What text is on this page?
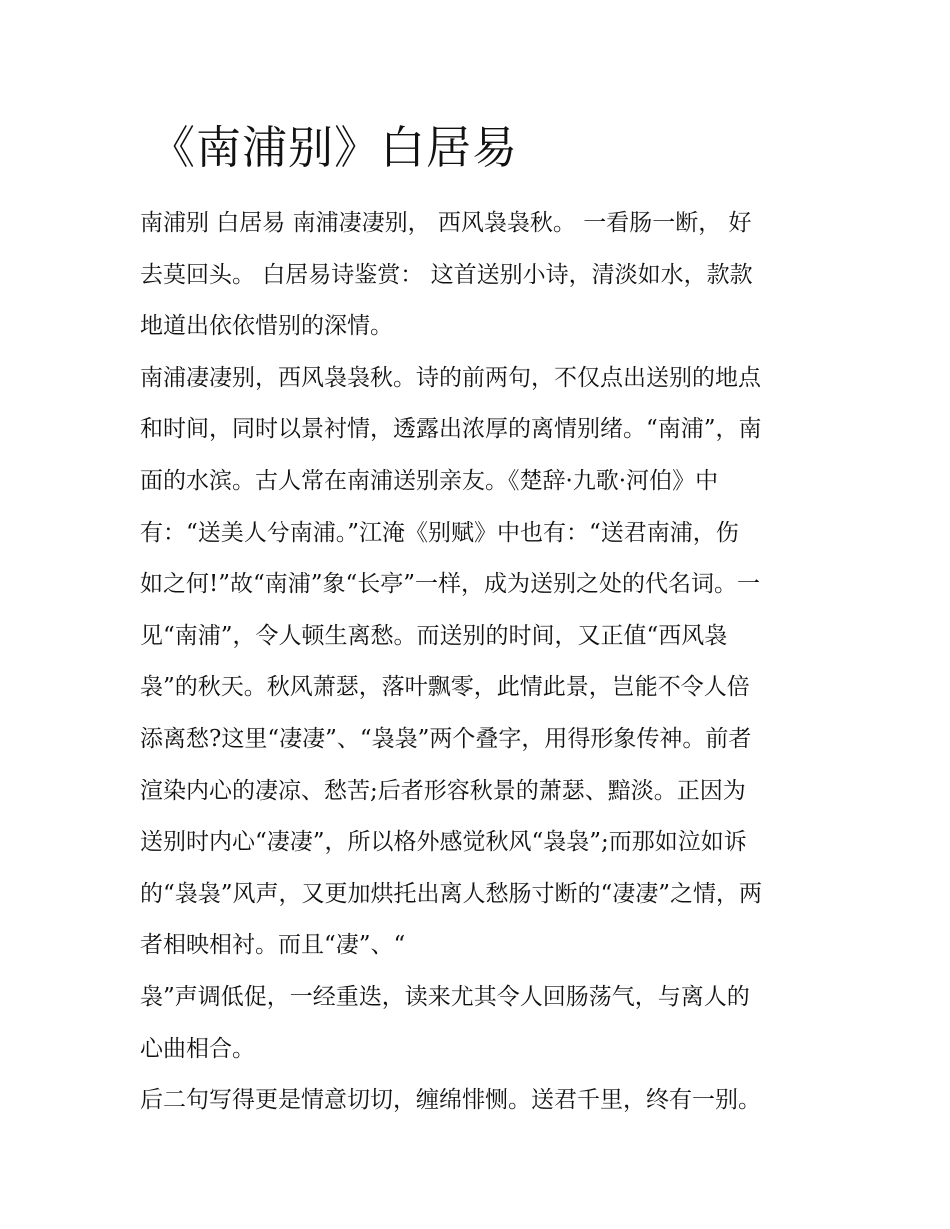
《南浦别》白居易
南浦别 白居易 南浦凄凄别， 西风袅袅秋。 一看肠一断， 好
去莫回头。 白居易诗鉴赏： 这首送别小诗，清淡如水，款款
地道出依依惜别的深情。
南浦凄凄别，西风袅袅秋。诗的前两句，不仅点出送别的地点
和时间，同时以景衬情，透露出浓厚的离情别绪。“南浦”，南
面的水滨。古人常在南浦送别亲友。《楚辞·九歌·河伯》中
有：“送美人兮南浦。”江淹《别赋》中也有：“送君南浦，伤
如之何!”故“南浦”象“长亭”一样，成为送别之处的代名词。一
见“南浦”，令人顿生离愁。而送别的时间，又正值“西风袅
袅”的秋天。秋风萧瑟，落叶飘零，此情此景，岂能不令人倍
添离愁?这里“凄凄”、“袅袅”两个叠字，用得形象传神。前者
渲染内心的凄凉、愁苦;后者形容秋景的萧瑟、黯淡。正因为
送别时内心“凄凄”，所以格外感觉秋风“袅袅”;而那如泣如诉
的“袅袅”风声，又更加烘托出离人愁肠寸断的“凄凄”之情，两
者相映相衬。而且“凄”、“
袅”声调低促，一经重迭，读来尤其令人回肠荡气，与离人的
心曲相合。
后二句写得更是情意切切，缠绵悱恻。送君千里，终有一别。
